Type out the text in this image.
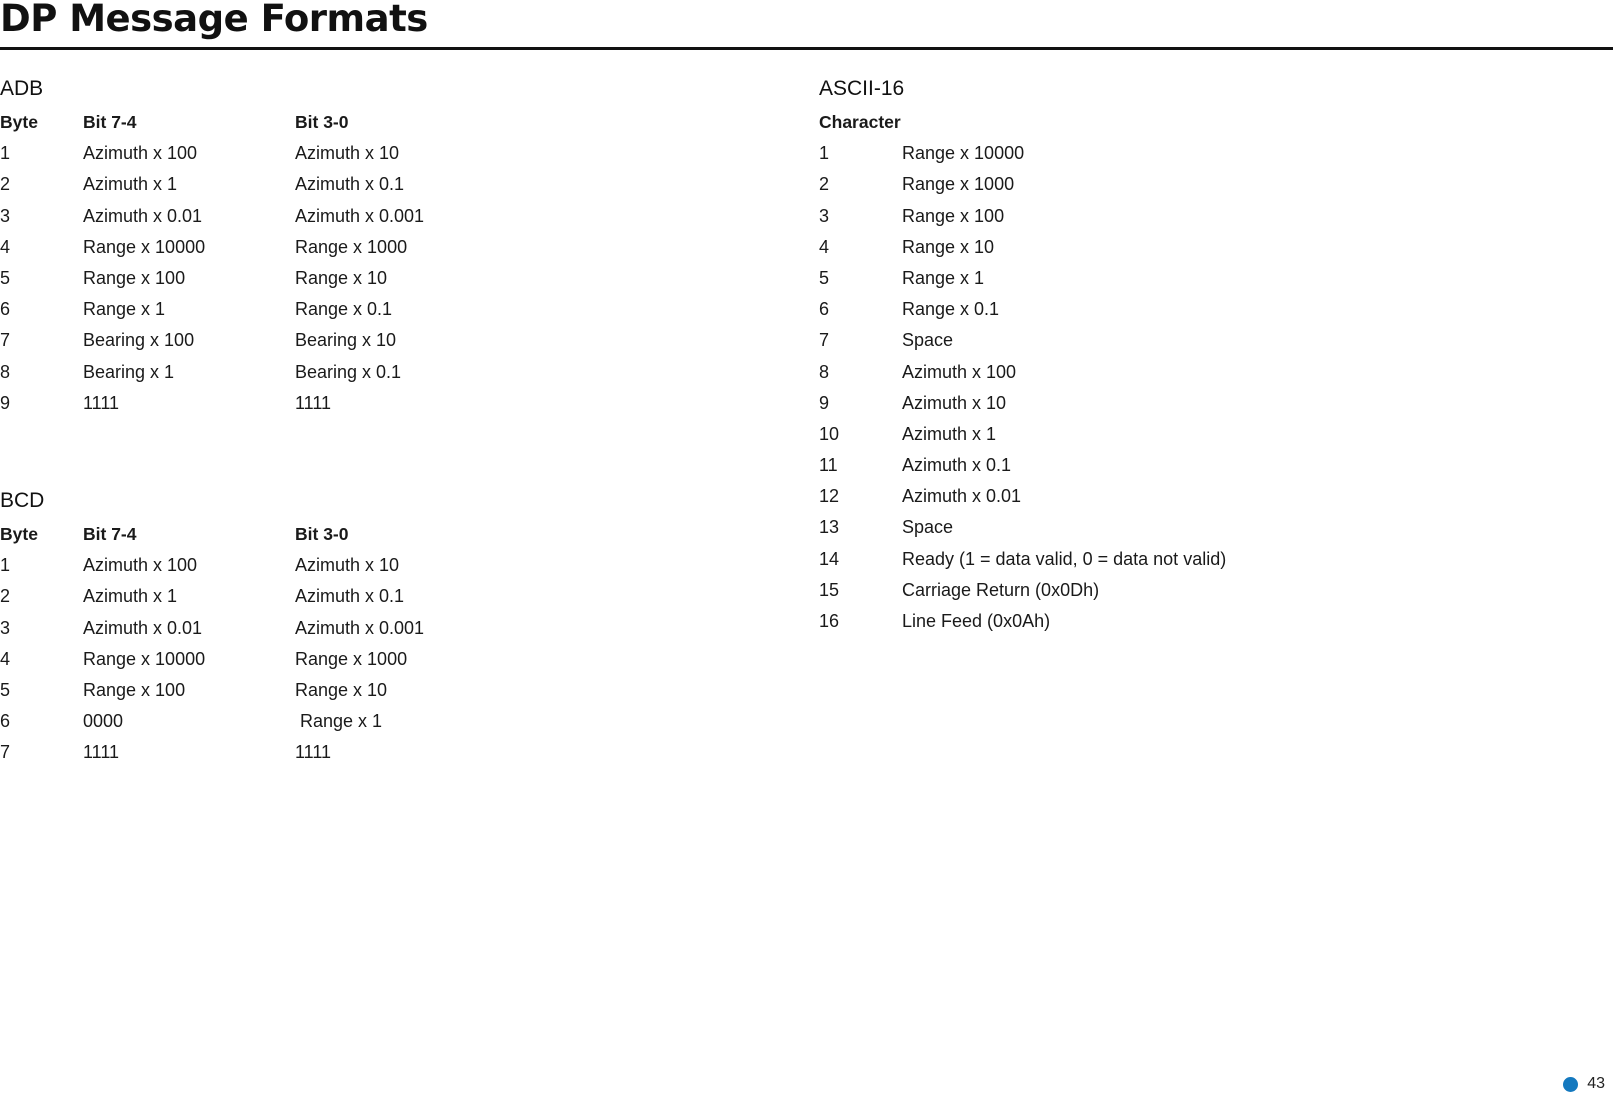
DP Message Formats
ADB
Byte	Bit 7-4	Bit 3-0
1	Azimuth x 100	Azimuth x 10
2	Azimuth x 1	Azimuth x 0.1
3	Azimuth x 0.01	Azimuth x 0.001
4	Range x 10000	Range x 1000
5	Range x 100	Range x 10
6	Range x 1	Range x 0.1
7	Bearing x 100	Bearing x 10
8	Bearing x 1	Bearing x 0.1
9	1111	1111
BCD
Byte	Bit 7-4	Bit 3-0
1	Azimuth x 100	Azimuth x 10
2	Azimuth x 1	Azimuth x 0.1
3	Azimuth x 0.01	Azimuth x 0.001
4	Range x 10000	Range x 1000
5	Range x 100	Range x 10
6	0000	Range x 1
7	1111	1111
ASCII-16
Character
1	Range x 10000
2	Range x 1000
3	Range x 100
4	Range x 10
5	Range x 1
6	Range x 0.1
7	Space
8	Azimuth x 100
9	Azimuth x 10
10	Azimuth x 1
11	Azimuth x 0.1
12	Azimuth x 0.01
13	Space
14	Ready (1 = data valid, 0 = data not valid)
15	Carriage Return (0x0Dh)
16	Line Feed (0x0Ah)
43
